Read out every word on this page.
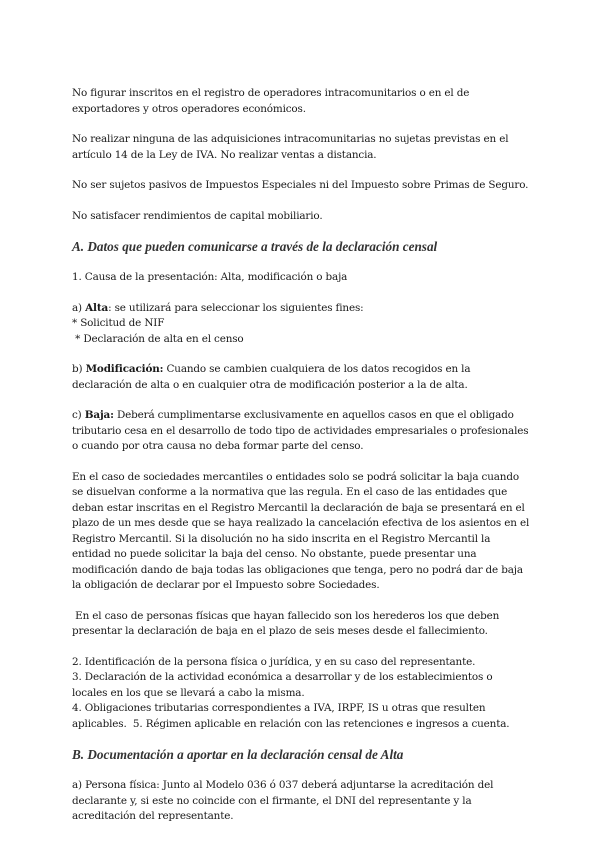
No figurar inscritos en el registro de operadores intracomunitarios o en el de exportadores y otros operadores económicos.

No realizar ninguna de las adquisiciones intracomunitarias no sujetas previstas en el artículo 14 de la Ley de IVA. No realizar ventas a distancia.

No ser sujetos pasivos de Impuestos Especiales ni del Impuesto sobre Primas de Seguro.

No satisfacer rendimientos de capital mobiliario.

A. Datos que pueden comunicarse a través de la declaración censal

1. Causa de la presentación: Alta, modificación o baja

a) Alta: se utilizará para seleccionar los siguientes fines:

* Solicitud de NIF

* Declaración de alta en el censo

b) Modificación: Cuando se cambien cualquiera de los datos recogidos en la declaración de alta o en cualquier otra de modificación posterior a la de alta.

c) Baja: Deberá cumplimentarse exclusivamente en aquellos casos en que el obligado tributario cesa en el desarrollo de todo tipo de actividades empresariales o profesionales o cuando por otra causa no deba formar parte del censo.

En el caso de sociedades mercantiles o entidades solo se podrá solicitar la baja cuando se disuelvan conforme a la normativa que las regula. En el caso de las entidades que deban estar inscritas en el Registro Mercantil la declaración de baja se presentará en el plazo de un mes desde que se haya realizado la cancelación efectiva de los asientos en el Registro Mercantil. Si la disolución no ha sido inscrita en el Registro Mercantil la entidad no puede solicitar la baja del censo. No obstante, puede presentar una modificación dando de baja todas las obligaciones que tenga, pero no podrá dar de baja la obligación de declarar por el Impuesto sobre Sociedades.

En el caso de personas físicas que hayan fallecido son los herederos los que deben presentar la declaración de baja en el plazo de seis meses desde el fallecimiento.

2. Identificación de la persona física o jurídica, y en su caso del representante.

3. Declaración de la actividad económica a desarrollar y de los establecimientos o locales en los que se llevará a cabo la misma.

4. Obligaciones tributarias correspondientes a IVA, IRPF, IS u otras que resulten aplicables.  5. Régimen aplicable en relación con las retenciones e ingresos a cuenta.

B. Documentación a aportar en la declaración censal de Alta

a) Persona física: Junto al Modelo 036 ó 037 deberá adjuntarse la acreditación del declarante y, si este no coincide con el firmante, el DNI del representante y la acreditación del representante.
